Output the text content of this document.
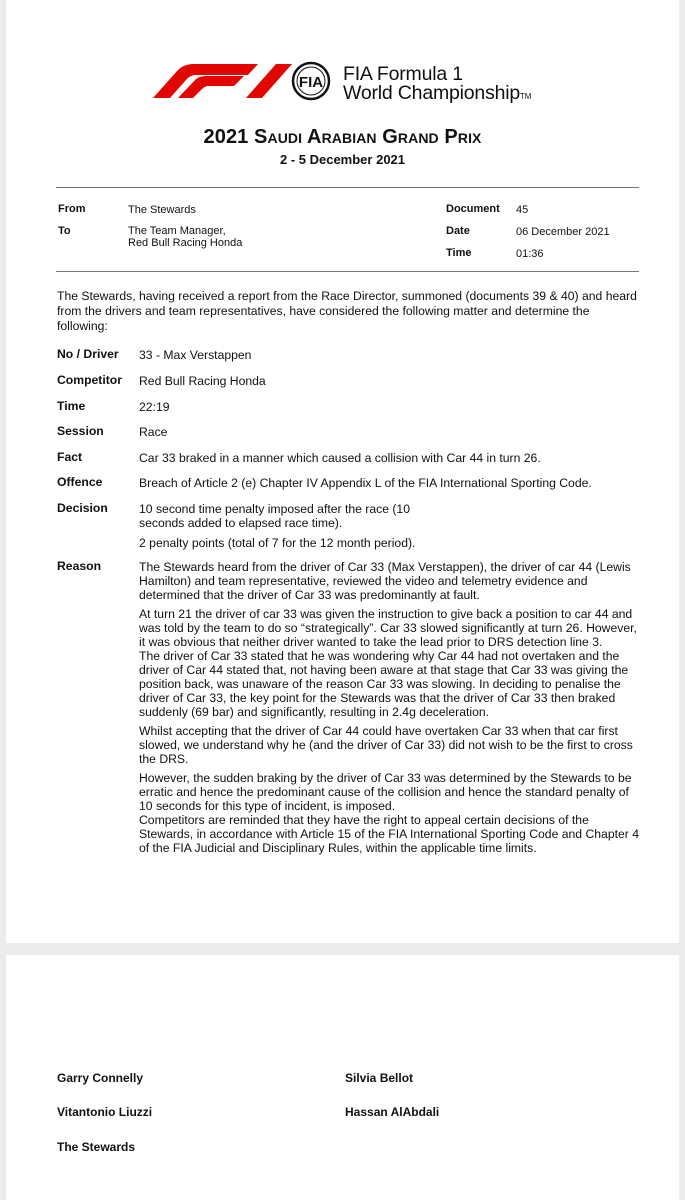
FIA FIA Formula 1
World ChampionshipTM
2021 Saudi Arabian Grand Prix
2 - 5 December 2021
From	The Stewards
To	The Team Manager,
Red Bull Racing Honda
Document 45
Date	06 December 2021
Time	01:36
The Stewards, having received a report from the Race Director, summoned (documents 39 & 40) and heard from the drivers and team representatives, have considered the following matter and determine the following:
No / Driver 33 - Max Verstappen
Competitor Red Bull Racing Honda
Time	22:19
Session	Race
Fact	Car 33 braked in a manner which caused a collision with Car 44 in turn 26.
Offence	Breach of Article 2 (e) Chapter IV Appendix L of the FIA International Sporting Code.
Decision	10 second time penalty imposed after the race (10 seconds added to elapsed race time).

2 penalty points (total of 7 for the 12 month period).

Reason	The Stewards heard from the driver of Car 33 (Max Verstappen), the driver of car 44 (Lewis Hamilton) and team representative, reviewed the video and telemetry evidence and determined that the driver of Car 33 was predominantly at fault.

At turn 21 the driver of car 33 was given the instruction to give back a position to car 44 and was told by the team to do so “strategically”. Car 33 slowed significantly at turn 26. However, it was obvious that neither driver wanted to take the lead prior to DRS detection line 3.

The driver of Car 33 stated that he was wondering why Car 44 had not overtaken and the driver of Car 44 stated that, not having been aware at that stage that Car 33 was giving the position back, was unaware of the reason Car 33 was slowing. In deciding to penalise the driver of Car 33, the key point for the Stewards was that the driver of Car 33 then braked suddenly (69 bar) and significantly, resulting in 2.4g deceleration.

Whilst accepting that the driver of Car 44 could have overtaken Car 33 when that car first slowed, we understand why he (and the driver of Car 33) did not wish to be the first to cross the DRS.

However, the sudden braking by the driver of Car 33 was determined by the Stewards to be erratic and hence the predominant cause of the collision and hence the standard penalty of 10 seconds for this type of incident, is imposed.

Competitors are reminded that they have the right to appeal certain decisions of the Stewards, in accordance with Article 15 of the FIA International Sporting Code and Chapter 4 of the FIA Judicial and Disciplinary Rules, within the applicable time limits.

Garry Connelly	Silvia Bellot
Vitantonio Liuzzi	Hassan AlAbdali
The Stewards
